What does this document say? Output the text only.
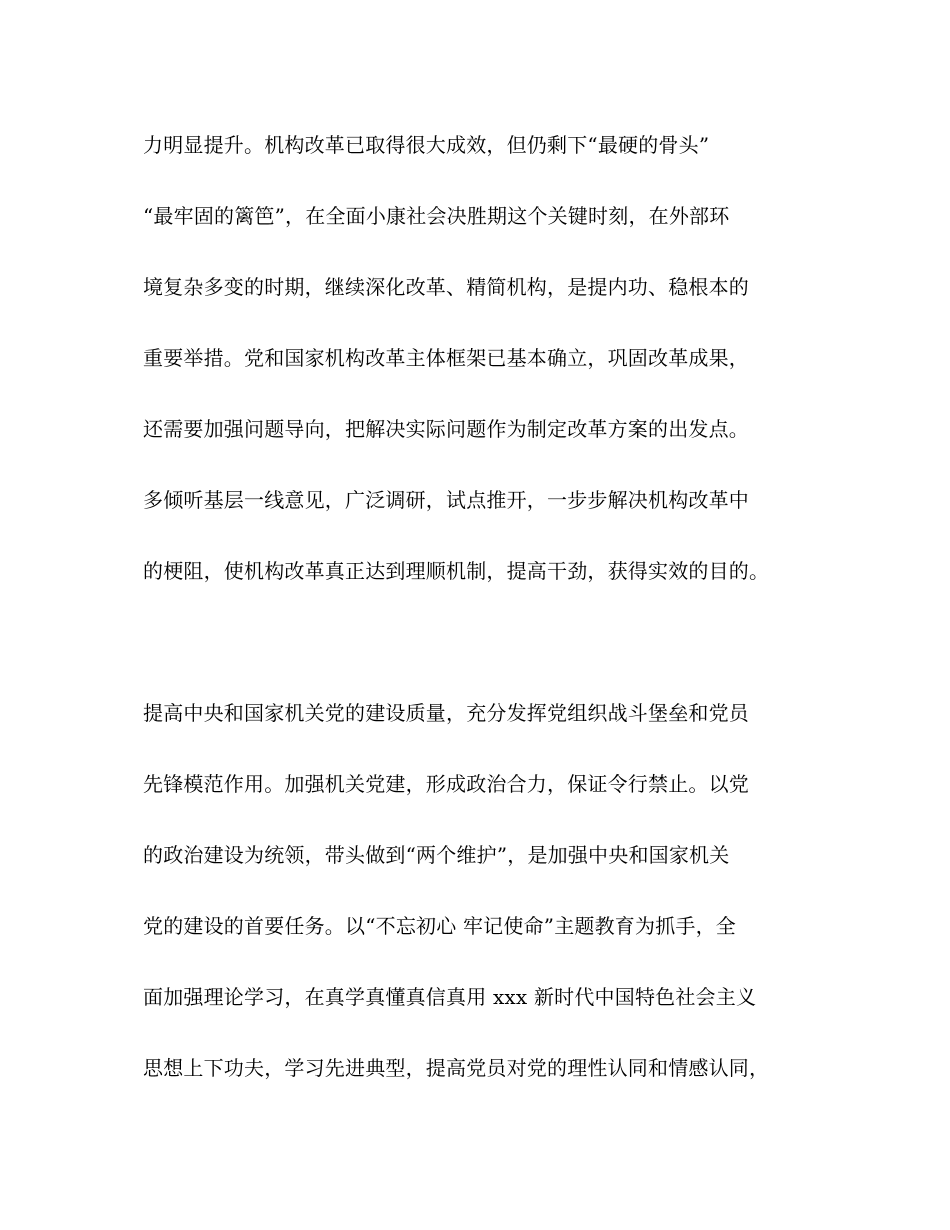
力明显提升。机构改革已取得很大成效，但仍剩下“最硬的骨头”
“最牢固的篱笆”，在全面小康社会决胜期这个关键时刻，在外部环
境复杂多变的时期，继续深化改革、精简机构，是提内功、稳根本的
重要举措。党和国家机构改革主体框架已基本确立，巩固改革成果，
还需要加强问题导向，把解决实际问题作为制定改革方案的出发点。
多倾听基层一线意见，广泛调研，试点推开，一步步解决机构改革中
的梗阻，使机构改革真正达到理顺机制，提高干劲，获得实效的目的。
提高中央和国家机关党的建设质量，充分发挥党组织战斗堡垒和党员
先锋模范作用。加强机关党建，形成政治合力，保证令行禁止。以党
的政治建设为统领，带头做到“两个维护”，是加强中央和国家机关
党的建设的首要任务。以“不忘初心 牢记使命”主题教育为抓手，全
面加强理论学习，在真学真懂真信真用 xxx 新时代中国特色社会主义
思想上下功夫，学习先进典型，提高党员对党的理性认同和情感认同，
